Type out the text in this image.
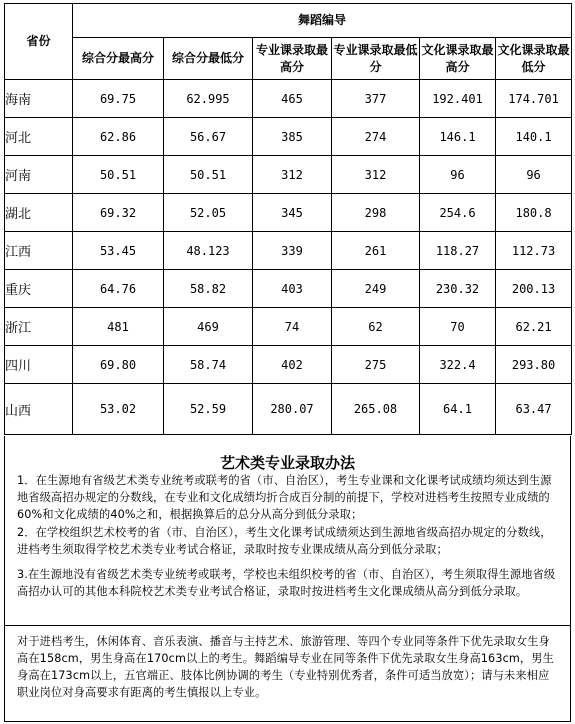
省份	舞蹈编导					
	综合分最高分	综合分最低分	专业课录取最高分	专业课录取最低分	文化课录取最高分	文化课录取最低分
海南	69.75	62.995	465	377	192.401	174.701
河北	62.86	56.67	385	274	146.1	140.1
河南	50.51	50.51	312	312	96	96
湖北	69.32	52.05	345	298	254.6	180.8
江西	53.45	48.123	339	261	118.27	112.73
重庆	64.76	58.82	403	249	230.32	200.13
浙江	481	469	74	62	70	62.21
四川	69.80	58.74	402	275	322.4	293.80
山西	53.02	52.59	280.07	265.08	64.1	63.47
艺术类专业录取办法
1．在生源地有省级艺术类专业统考或联考的省（市、自治区），考生专业课和文化课考试成绩均须达到生源地省级高招办规定的分数线，在专业和文化成绩均折合成百分制的前提下，学校对进档考生按照专业成绩的60%和文化成绩的40%之和，根据换算后的总分从高分到低分录取；
2．在学校组织艺术校考的省（市、自治区），考生文化课考试成绩须达到生源地省级高招办规定的分数线，进档考生须取得学校艺术类专业考试合格证，录取时按专业课成绩从高分到低分录取；
3.在生源地没有省级艺术类专业统考或联考，学校也未组织校考的省（市、自治区），考生须取得生源地省级高招办认可的其他本科院校艺术类专业考试合格证，录取时按进档考生文化课成绩从高分到低分录取。
对于进档考生，休闲体育、音乐表演、播音与主持艺术、旅游管理、等四个专业同等条件下优先录取女生身高在158cm，男生身高在170cm以上的考生。舞蹈编导专业在同等条件下优先录取女生身高163cm，男生身高在173cm以上，五官端正、肢体比例协调的考生（专业特别优秀者，条件可适当放宽）；请与未来相应职业岗位对身高要求有距离的考生慎报以上专业。
